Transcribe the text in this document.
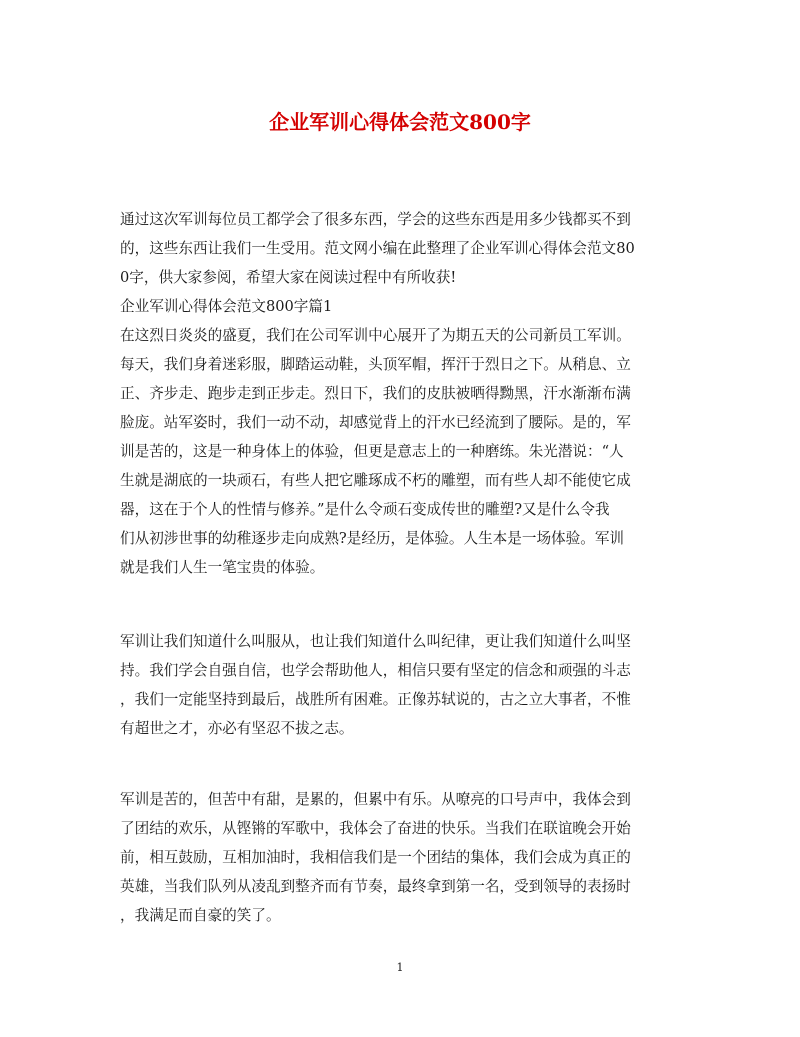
企业军训心得体会范文800字

通过这次军训每位员工都学会了很多东西，学会的这些东西是用多少钱都买不到

的，这些东西让我们一生受用。范文网小编在此整理了企业军训心得体会范文80

0字，供大家参阅，希望大家在阅读过程中有所收获!

企业军训心得体会范文800字篇1

在这烈日炎炎的盛夏，我们在公司军训中心展开了为期五天的公司新员工军训。

每天，我们身着迷彩服，脚踏运动鞋，头顶军帽，挥汗于烈日之下。从稍息、立

正、齐步走、跑步走到正步走。烈日下，我们的皮肤被晒得黝黑，汗水渐渐布满

脸庞。站军姿时，我们一动不动，却感觉背上的汗水已经流到了腰际。是的，军

训是苦的，这是一种身体上的体验，但更是意志上的一种磨练。朱光潜说：“人

生就是湖底的一块顽石，有些人把它雕琢成不朽的雕塑，而有些人却不能使它成

器，这在于个人的性情与修养。”是什么令顽石变成传世的雕塑?又是什么令我

们从初涉世事的幼稚逐步走向成熟?是经历，是体验。人生本是一场体验。军训

就是我们人生一笔宝贵的体验。

军训让我们知道什么叫服从，也让我们知道什么叫纪律，更让我们知道什么叫坚

持。我们学会自强自信，也学会帮助他人，相信只要有坚定的信念和顽强的斗志

，我们一定能坚持到最后，战胜所有困难。正像苏轼说的，古之立大事者，不惟

有超世之才，亦必有坚忍不拔之志。

军训是苦的，但苦中有甜，是累的，但累中有乐。从嘹亮的口号声中，我体会到

了团结的欢乐，从铿锵的军歌中，我体会了奋进的快乐。当我们在联谊晚会开始

前，相互鼓励，互相加油时，我相信我们是一个团结的集体，我们会成为真正的

英雄，当我们队列从凌乱到整齐而有节奏，最终拿到第一名，受到领导的表扬时

，我满足而自豪的笑了。

1
